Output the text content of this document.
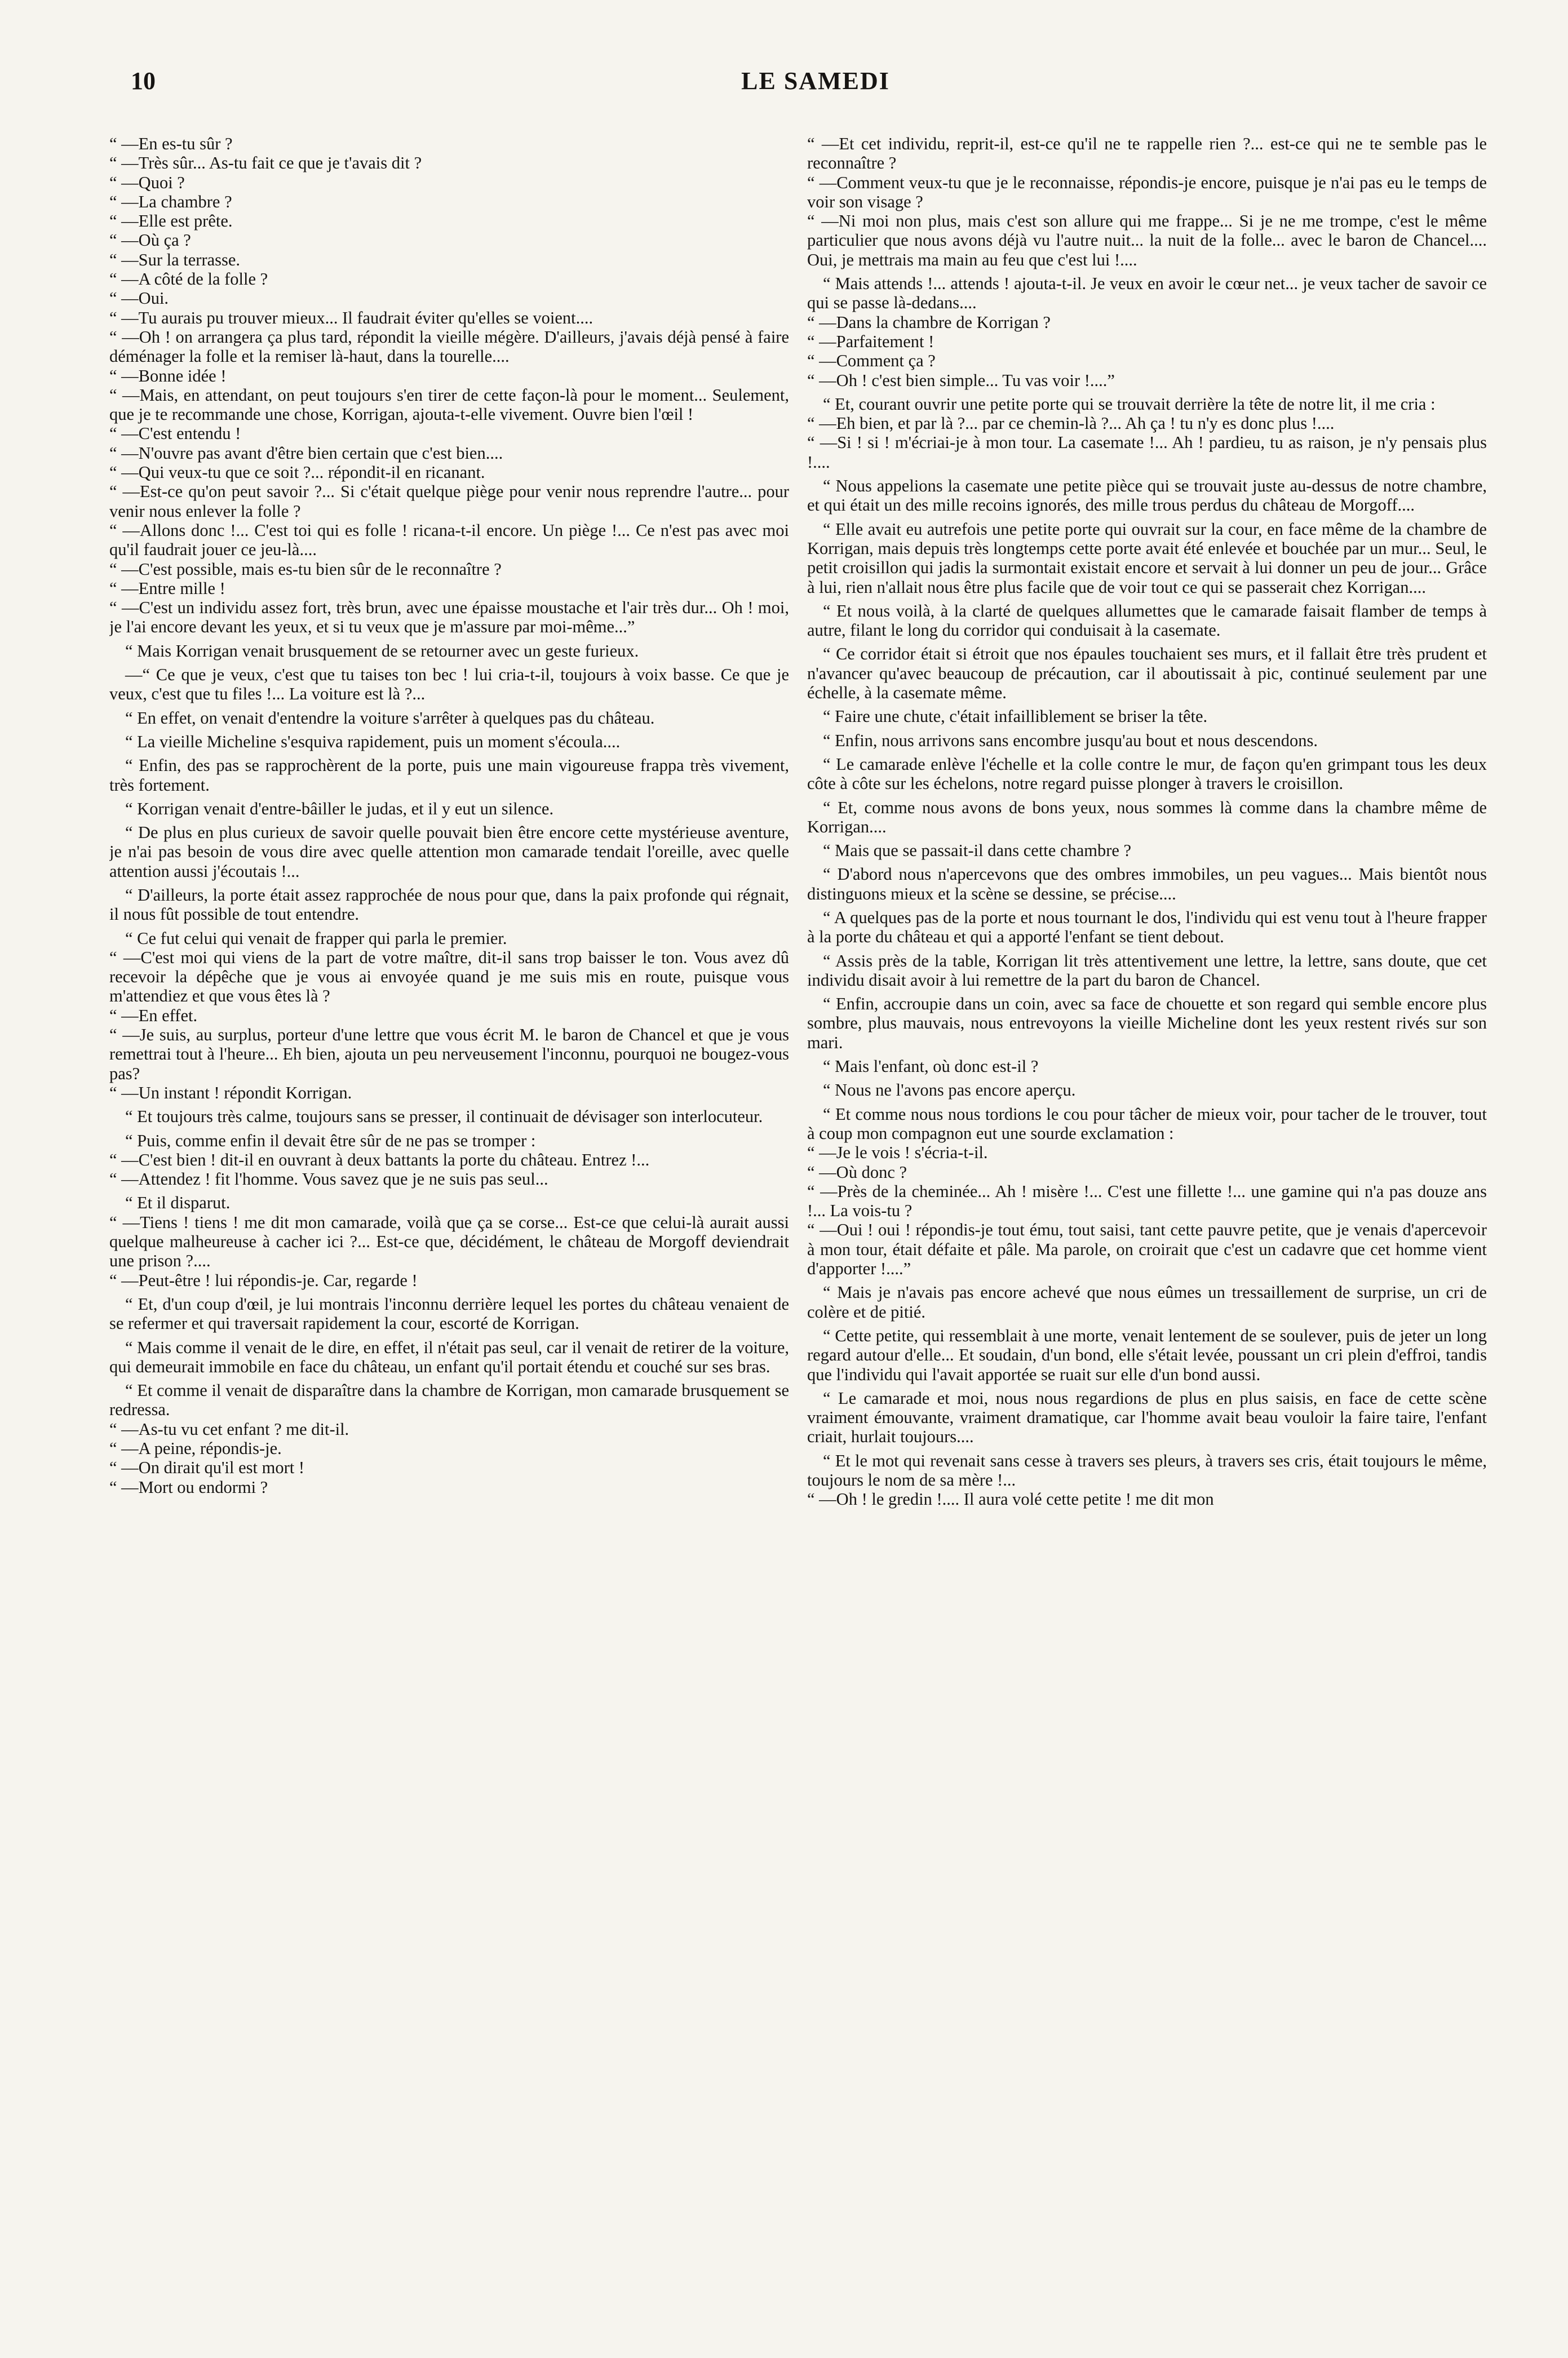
10	LE SAMEDI

“ —En es-tu sûr ?

“ —Très sûr... As-tu fait ce que je t'avais dit ?

“ —Quoi ?

“ —La chambre ?

“ —Elle est prête.

“ —Où ça ?

“ —Sur la terrasse.

“ —A côté de la folle ?

“ —Oui.

“ —Tu aurais pu trouver mieux... Il faudrait éviter qu'elles se voient....

“ —Oh ! on arrangera ça plus tard, répondit la vieille mégère. D'ailleurs, j'avais déjà pensé à faire déménager la folle et la remiser là-haut, dans la tourelle....

“ —Bonne idée !

“ —Mais, en attendant, on peut toujours s'en tirer de cette façon-là pour le moment... Seulement, que je te recommande une chose, Korrigan, ajouta-t-elle vivement. Ouvre bien l'œil !

“ —C'est entendu !

“ —N'ouvre pas avant d'être bien certain que c'est bien....

“ —Qui veux-tu que ce soit ?... répondit-il en ricanant.

“ —Est-ce qu'on peut savoir ?... Si c'était quelque piège pour venir nous reprendre l'autre... pour venir nous enlever la folle ?

“ —Allons donc !... C'est toi qui es folle ! ricana-t-il encore. Un piège !... Ce n'est pas avec moi qu'il faudrait jouer ce jeu-là....

“ —C'est possible, mais es-tu bien sûr de le reconnaître ?

“ —Entre mille !

“ —C'est un individu assez fort, très brun, avec une épaisse moustache et l'air très dur... Oh ! moi, je l'ai encore devant les yeux, et si tu veux que je m'assure par moi-même...”

“ Mais Korrigan venait brusquement de se retourner avec un geste furieux.

—“ Ce que je veux, c'est que tu taises ton bec ! lui cria-t-il, toujours à voix basse. Ce que je veux, c'est que tu files !... La voiture est là ?...

“ En effet, on venait d'entendre la voiture s'arrêter à quelques pas du château.

“ La vieille Micheline s'esquiva rapidement, puis un moment s'écoula....

“ Enfin, des pas se rapprochèrent de la porte, puis une main vigoureuse frappa très vivement, très fortement.

“ Korrigan venait d'entre-bâiller le judas, et il y eut un silence.

“ De plus en plus curieux de savoir quelle pouvait bien être encore cette mystérieuse aventure, je n'ai pas besoin de vous dire avec quelle attention mon camarade tendait l'oreille, avec quelle attention aussi j'écoutais !...

“ D'ailleurs, la porte était assez rapprochée de nous pour que, dans la paix profonde qui régnait, il nous fût possible de tout entendre.

“ Ce fut celui qui venait de frapper qui parla le premier.

“ —C'est moi qui viens de la part de votre maître, dit-il sans trop baisser le ton. Vous avez dû recevoir la dépêche que je vous ai envoyée quand je me suis mis en route, puisque vous m'attendiez et que vous êtes là ?

“ —En effet.

“ —Je suis, au surplus, porteur d'une lettre que vous écrit M. le baron de Chancel et que je vous remettrai tout à l'heure... Eh bien, ajouta un peu nerveusement l'inconnu, pourquoi ne bougez-vous pas?

“ —Un instant ! répondit Korrigan.

“ Et toujours très calme, toujours sans se presser, il continuait de dévisager son interlocuteur.

“ Puis, comme enfin il devait être sûr de ne pas se tromper :

“ —C'est bien ! dit-il en ouvrant à deux battants la porte du château. Entrez !...

“ —Attendez ! fit l'homme. Vous savez que je ne suis pas seul...

“ Et il disparut.

“ —Tiens ! tiens ! me dit mon camarade, voilà que ça se corse... Est-ce que celui-là aurait aussi quelque malheureuse à cacher ici ?... Est-ce que, décidément, le château de Morgoff deviendrait une prison ?....

“ —Peut-être ! lui répondis-je. Car, regarde !

“ Et, d'un coup d'œil, je lui montrais l'inconnu derrière lequel les portes du château venaient de se refermer et qui traversait rapidement la cour, escorté de Korrigan.

“ Mais comme il venait de le dire, en effet, il n'était pas seul, car il venait de retirer de la voiture, qui demeurait immobile en face du château, un enfant qu'il portait étendu et couché sur ses bras.

“ Et comme il venait de disparaître dans la chambre de Korrigan, mon camarade brusquement se redressa.

“ —As-tu vu cet enfant ? me dit-il.

“ —A peine, répondis-je.

“ —On dirait qu'il est mort !

“ —Mort ou endormi ?

“ —Et cet individu, reprit-il, est-ce qu'il ne te rappelle rien ?... est-ce qui ne te semble pas le reconnaître ?

“ —Comment veux-tu que je le reconnaisse, répondis-je encore, puisque je n'ai pas eu le temps de voir son visage ?

“ —Ni moi non plus, mais c'est son allure qui me frappe... Si je ne me trompe, c'est le même particulier que nous avons déjà vu l'autre nuit... la nuit de la folle... avec le baron de Chancel.... Oui, je mettrais ma main au feu que c'est lui !....

“ Mais attends !... attends ! ajouta-t-il. Je veux en avoir le cœur net... je veux tacher de savoir ce qui se passe là-dedans....

“ —Dans la chambre de Korrigan ?

“ —Parfaitement !

“ —Comment ça ?

“ —Oh ! c'est bien simple... Tu vas voir !....”

“ Et, courant ouvrir une petite porte qui se trouvait derrière la tête de notre lit, il me cria :

“ —Eh bien, et par là ?... par ce chemin-là ?... Ah ça ! tu n'y es donc plus !....

“ —Si ! si ! m'écriai-je à mon tour. La casemate !... Ah ! pardieu, tu as raison, je n'y pensais plus !....

“ Nous appelions la casemate une petite pièce qui se trouvait juste au-dessus de notre chambre, et qui était un des mille recoins ignorés, des mille trous perdus du château de Morgoff....

“ Elle avait eu autrefois une petite porte qui ouvrait sur la cour, en face même de la chambre de Korrigan, mais depuis très longtemps cette porte avait été enlevée et bouchée par un mur... Seul, le petit croisillon qui jadis la surmontait existait encore et servait à lui donner un peu de jour... Grâce à lui, rien n'allait nous être plus facile que de voir tout ce qui se passerait chez Korrigan....

“ Et nous voilà, à la clarté de quelques allumettes que le camarade faisait flamber de temps à autre, filant le long du corridor qui conduisait à la casemate.

“ Ce corridor était si étroit que nos épaules touchaient ses murs, et il fallait être très prudent et n'avancer qu'avec beaucoup de précaution, car il aboutissait à pic, continué seulement par une échelle, à la casemate même.

“ Faire une chute, c'était infailliblement se briser la tête.

“ Enfin, nous arrivons sans encombre jusqu'au bout et nous descendons.

“ Le camarade enlève l'échelle et la colle contre le mur, de façon qu'en grimpant tous les deux côte à côte sur les échelons, notre regard puisse plonger à travers le croisillon.

“ Et, comme nous avons de bons yeux, nous sommes là comme dans la chambre même de Korrigan....

“ Mais que se passait-il dans cette chambre ?

“ D'abord nous n'apercevons que des ombres immobiles, un peu vagues... Mais bientôt nous distinguons mieux et la scène se dessine, se précise....

“ A quelques pas de la porte et nous tournant le dos, l'individu qui est venu tout à l'heure frapper à la porte du château et qui a apporté l'enfant se tient debout.

“ Assis près de la table, Korrigan lit très attentivement une lettre, la lettre, sans doute, que cet individu disait avoir à lui remettre de la part du baron de Chancel.

“ Enfin, accroupie dans un coin, avec sa face de chouette et son regard qui semble encore plus sombre, plus mauvais, nous entrevoyons la vieille Micheline dont les yeux restent rivés sur son mari.

“ Mais l'enfant, où donc est-il ?

“ Nous ne l'avons pas encore aperçu.

“ Et comme nous nous tordions le cou pour tâcher de mieux voir, pour tacher de le trouver, tout à coup mon compagnon eut une sourde exclamation :

“ —Je le vois ! s'écria-t-il.

“ —Où donc ?

“ —Près de la cheminée... Ah ! misère !... C'est une fillette !... une gamine qui n'a pas douze ans !... La vois-tu ?

“ —Oui ! oui ! répondis-je tout ému, tout saisi, tant cette pauvre petite, que je venais d'apercevoir à mon tour, était défaite et pâle. Ma parole, on croirait que c'est un cadavre que cet homme vient d'apporter !....”

“ Mais je n'avais pas encore achevé que nous eûmes un tressaillement de surprise, un cri de colère et de pitié.

“ Cette petite, qui ressemblait à une morte, venait lentement de se soulever, puis de jeter un long regard autour d'elle... Et soudain, d'un bond, elle s'était levée, poussant un cri plein d'effroi, tandis que l'individu qui l'avait apportée se ruait sur elle d'un bond aussi.

“ Le camarade et moi, nous nous regardions de plus en plus saisis, en face de cette scène vraiment émouvante, vraiment dramatique, car l'homme avait beau vouloir la faire taire, l'enfant criait, hurlait toujours....

“ Et le mot qui revenait sans cesse à travers ses pleurs, à travers ses cris, était toujours le même, toujours le nom de sa mère !...

“ —Oh ! le gredin !.... Il aura volé cette petite ! me dit mon
